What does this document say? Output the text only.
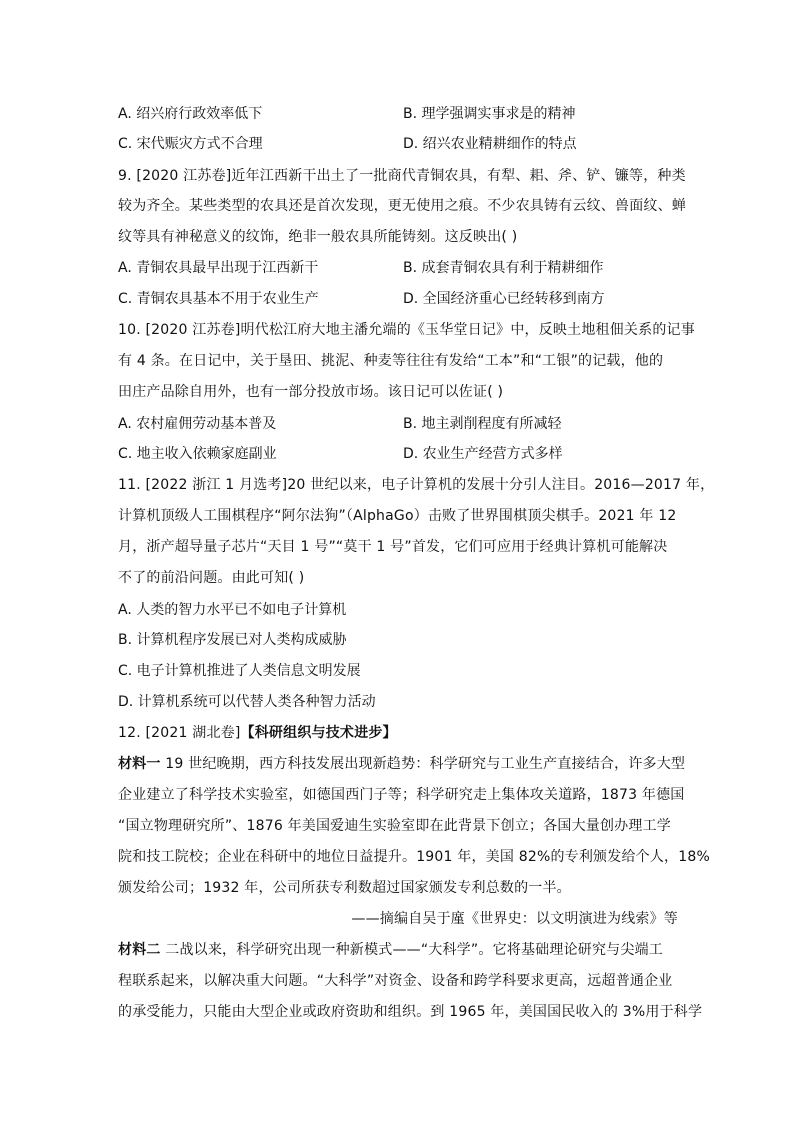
A. 绍兴府行政效率低下	B. 理学强调实事求是的精神
C. 宋代赈灾方式不合理	D. 绍兴农业精耕细作的特点
9. [2020 江苏卷]近年江西新干出土了一批商代青铜农具，有犁、耜、斧、铲、镰等，种类
较为齐全。某些类型的农具还是首次发现，更无使用之痕。不少农具铸有云纹、兽面纹、蝉
纹等具有神秘意义的纹饰，绝非一般农具所能铸刻。这反映出( )
A. 青铜农具最早出现于江西新干	B. 成套青铜农具有利于精耕细作
C. 青铜农具基本不用于农业生产	D. 全国经济重心已经转移到南方
10. [2020 江苏卷]明代松江府大地主潘允端的《玉华堂日记》中，反映土地租佃关系的记事
有 4 条。在日记中，关于垦田、挑泥、种麦等往往有发给“工本”和“工银”的记载，他的
田庄产品除自用外，也有一部分投放市场。该日记可以佐证( )
A. 农村雇佣劳动基本普及	B. 地主剥削程度有所减轻
C. 地主收入依赖家庭副业	D. 农业生产经营方式多样
11. [2022 浙江 1 月选考]20 世纪以来，电子计算机的发展十分引人注目。2016—2017 年，
计算机顶级人工围棋程序“阿尔法狗”（AlphaGo）击败了世界围棋顶尖棋手。2021 年 12
月，浙产超导量子芯片“天目 1 号”“莫干 1 号”首发，它们可应用于经典计算机可能解决
不了的前沿问题。由此可知( )
A. 人类的智力水平已不如电子计算机
B. 计算机程序发展已对人类构成威胁
C. 电子计算机推进了人类信息文明发展
D. 计算机系统可以代替人类各种智力活动
12. [2021 湖北卷]【科研组织与技术进步】
材料一 19 世纪晚期，西方科技发展出现新趋势：科学研究与工业生产直接结合，许多大型
企业建立了科学技术实验室，如德国西门子等；科学研究走上集体攻关道路，1873 年德国
“国立物理研究所”、1876 年美国爱迪生实验室即在此背景下创立；各国大量创办理工学
院和技工院校；企业在科研中的地位日益提升。1901 年，美国 82%的专利颁发给个人，18%
颁发给公司；1932 年，公司所获专利数超过国家颁发专利总数的一半。
——摘编自吴于廑《世界史：以文明演进为线索》等
材料二 二战以来，科学研究出现一种新模式——“大科学”。它将基础理论研究与尖端工
程联系起来，以解决重大问题。“大科学”对资金、设备和跨学科要求更高，远超普通企业
的承受能力，只能由大型企业或政府资助和组织。到 1965 年，美国国民收入的 3%用于科学
